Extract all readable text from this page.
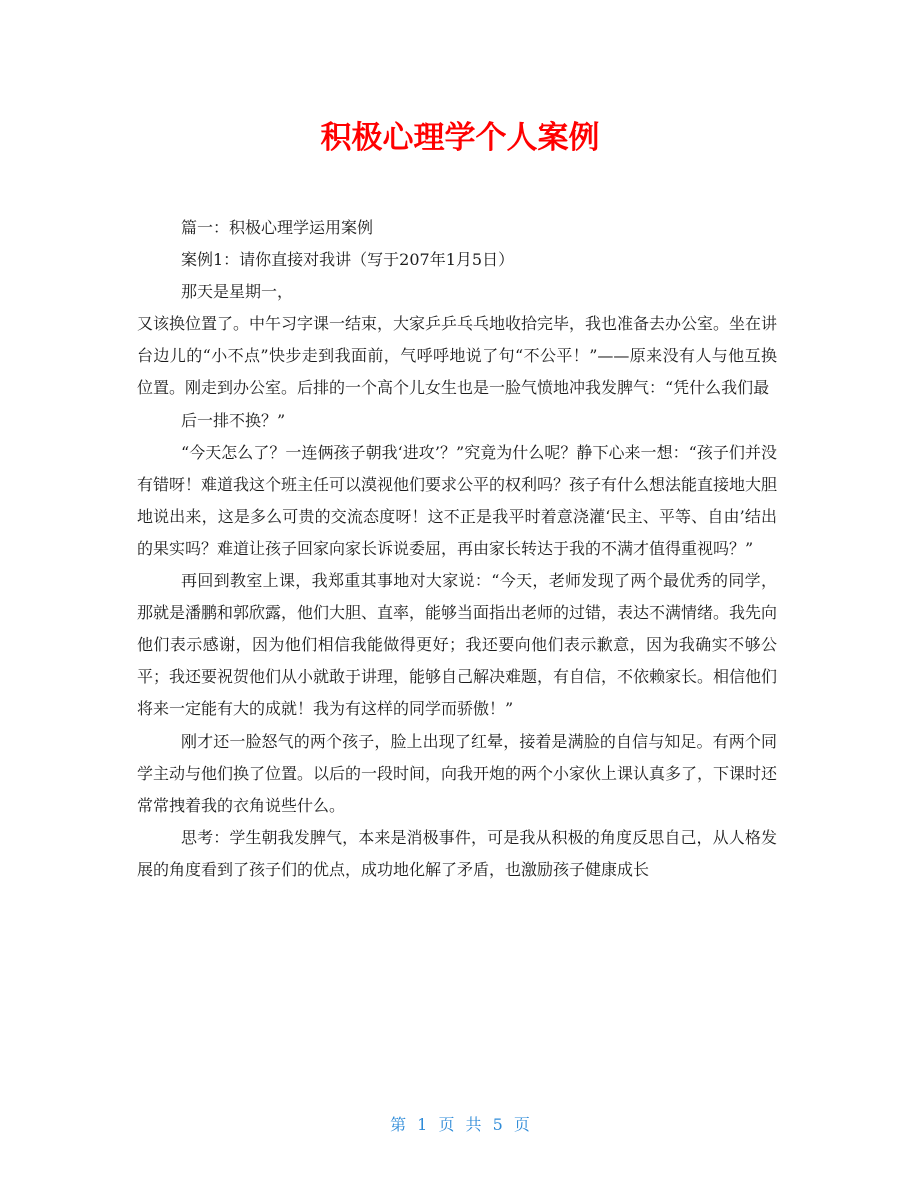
积极心理学个人案例

篇一：积极心理学运用案例

案例1：请你直接对我讲（写于207年1月5日）

那天是星期一，

又该换位置了。中午习字课一结束，大家乒乒乓乓地收拾完毕，我也准备去办公室。坐在讲台边儿的“小不点”快步走到我面前，气呼呼地说了句“不公平！”——原来没有人与他互换位置。刚走到办公室。后排的一个高个儿女生也是一脸气愤地冲我发脾气：“凭什么我们最

后一排不换？”

“今天怎么了？一连俩孩子朝我‘进攻’？”究竟为什么呢？静下心来一想：“孩子们并没有错呀！难道我这个班主任可以漠视他们要求公平的权利吗？孩子有什么想法能直接地大胆地说出来，这是多么可贵的交流态度呀！这不正是我平时着意浇灌‘民主、平等、自由’结出的果实吗？难道让孩子回家向家长诉说委屈，再由家长转达于我的不满才值得重视吗？”

再回到教室上课，我郑重其事地对大家说：“今天，老师发现了两个最优秀的同学，那就是潘鹏和郭欣露，他们大胆、直率，能够当面指出老师的过错，表达不满情绪。我先向他们表示感谢，因为他们相信我能做得更好；我还要向他们表示歉意，因为我确实不够公平；我还要祝贺他们从小就敢于讲理，能够自己解决难题，有自信，不依赖家长。相信他们将来一定能有大的成就！我为有这样的同学而骄傲！”

刚才还一脸怒气的两个孩子，脸上出现了红晕，接着是满脸的自信与知足。有两个同学主动与他们换了位置。以后的一段时间，向我开炮的两个小家伙上课认真多了，下课时还常常拽着我的衣角说些什么。

思考：学生朝我发脾气，本来是消极事件，可是我从积极的角度反思自己，从人格发展的角度看到了孩子们的优点，成功地化解了矛盾，也激励孩子健康成长

第 1 页 共 5 页
